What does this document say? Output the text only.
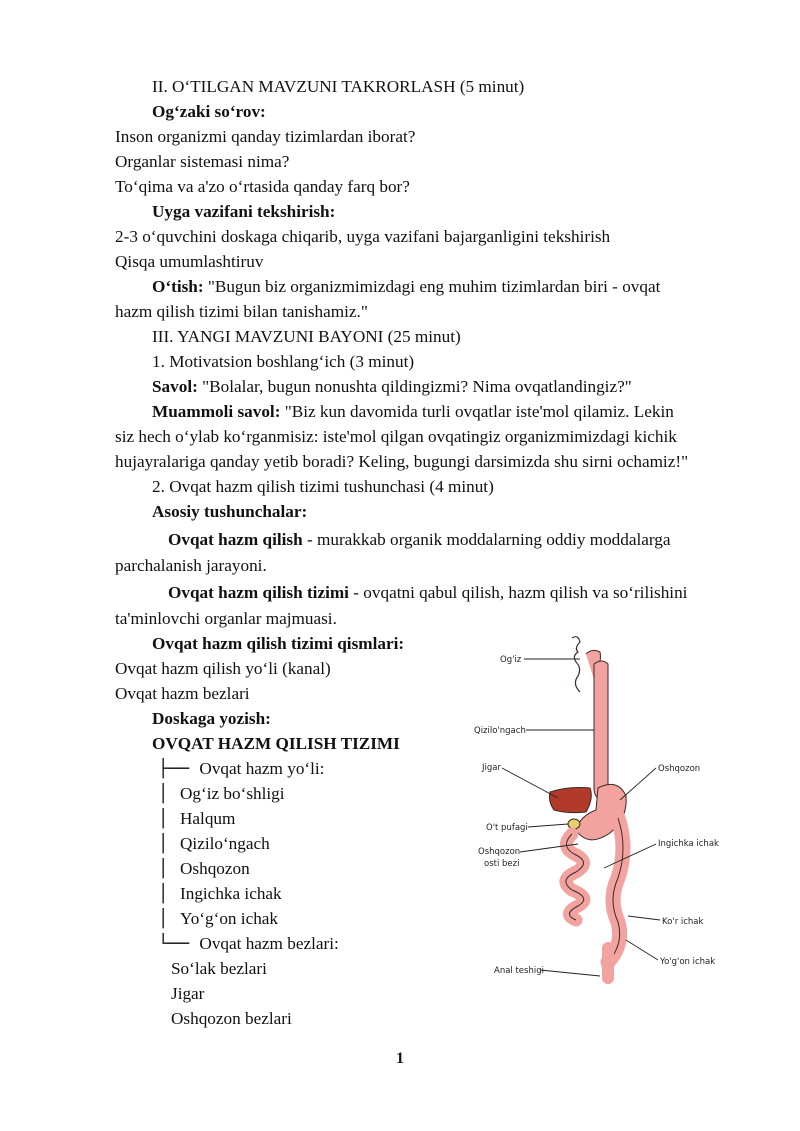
II. O‘TILGAN MAVZUNI TAKRORLASH (5 minut)
Og‘zaki so‘rov:
Inson organizmi qanday tizimlardan iborat?
Organlar sistemasi nima?
To‘qima va a'zo o‘rtasida qanday farq bor?
Uyga vazifani tekshirish:
2-3 o‘quvchini doskaga chiqarib, uyga vazifani bajarganligini tekshirish
Qisqa umumlashtiruv
O‘tish: "Bugun biz organizmimizdagi eng muhim tizimlardan biri - ovqat
hazm qilish tizimi bilan tanishamiz."
III. YANGI MAVZUNI BAYONI (25 minut)
1. Motivatsion boshlang‘ich (3 minut)
Savol: "Bolalar, bugun nonushta qildingizmi? Nima ovqatlandingiz?"
Muammoli savol: "Biz kun davomida turli ovqatlar iste'mol qilamiz. Lekin
siz hech o‘ylab ko‘rganmisiz: iste'mol qilgan ovqatingiz organizmimizdagi kichik
hujayralariga qanday yetib boradi? Keling, bugungi darsimizda shu sirni ochamiz!"
2. Ovqat hazm qilish tizimi tushunchasi (4 minut)
Asosiy tushunchalar:
Ovqat hazm qilish - murakkab organik moddalarning oddiy moddalarga
parchalanish jarayoni.
Ovqat hazm qilish tizimi - ovqatni qabul qilish, hazm qilish va so‘rilishini
ta'minlovchi organlar majmuasi.
Ovqat hazm qilish tizimi qismlari:
Ovqat hazm qilish yo‘li (kanal)
Ovqat hazm bezlari
Doskaga yozish:
OVQAT HAZM QILISH TIZIMI
├── Ovqat hazm yo‘li:
│ Og‘iz bo‘shligi
│ Halqum
│ Qizilo‘ngach
│ Oshqozon
│ Ingichka ichak
│ Yo‘g‘on ichak
└── Ovqat hazm bezlari:
So‘lak bezlari
Jigar
Oshqozon bezlari
Og'iz
Qizilo'ngach
Jigar	Oshqozon
O't pufagi
Oshqozon
osti bezi
Ingichka ichak
Ko'r ichak
Yo'g'on ichak
Anal teshigi
1
